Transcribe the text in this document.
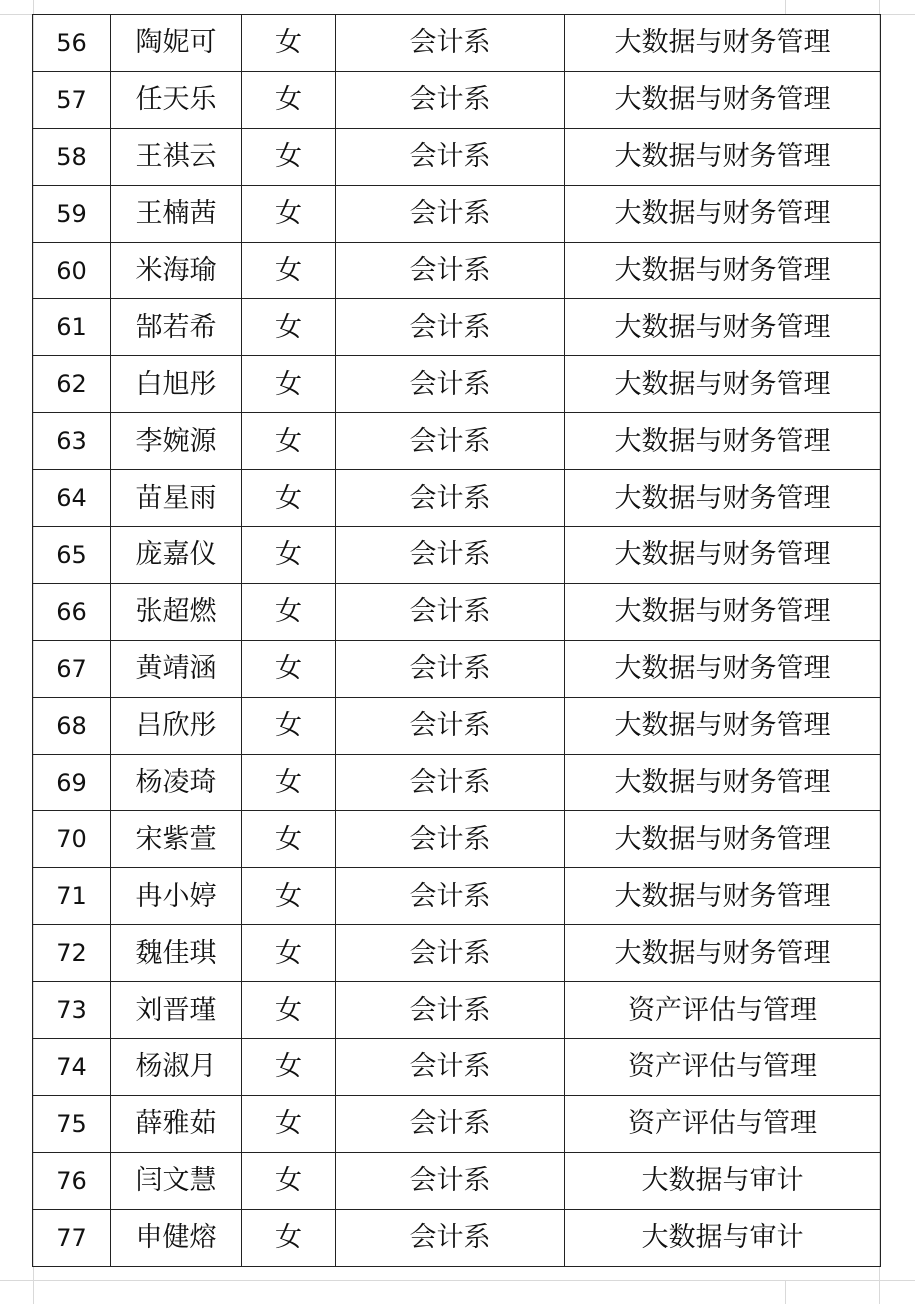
56	陶妮可	女	会计系	大数据与财务管理
57	任天乐	女	会计系	大数据与财务管理
58	王祺云	女	会计系	大数据与财务管理
59	王楠茜	女	会计系	大数据与财务管理
60	米海瑜	女	会计系	大数据与财务管理
61	郜若希	女	会计系	大数据与财务管理
62	白旭彤	女	会计系	大数据与财务管理
63	李婉源	女	会计系	大数据与财务管理
64	苗星雨	女	会计系	大数据与财务管理
65	庞嘉仪	女	会计系	大数据与财务管理
66	张超燃	女	会计系	大数据与财务管理
67	黄靖涵	女	会计系	大数据与财务管理
68	吕欣彤	女	会计系	大数据与财务管理
69	杨凌琦	女	会计系	大数据与财务管理
70	宋紫萱	女	会计系	大数据与财务管理
71	冉小婷	女	会计系	大数据与财务管理
72	魏佳琪	女	会计系	大数据与财务管理
73	刘晋瑾	女	会计系	资产评估与管理
74	杨淑月	女	会计系	资产评估与管理
75	薛雅茹	女	会计系	资产评估与管理
76	闫文慧	女	会计系	大数据与审计
77	申健熔	女	会计系	大数据与审计
